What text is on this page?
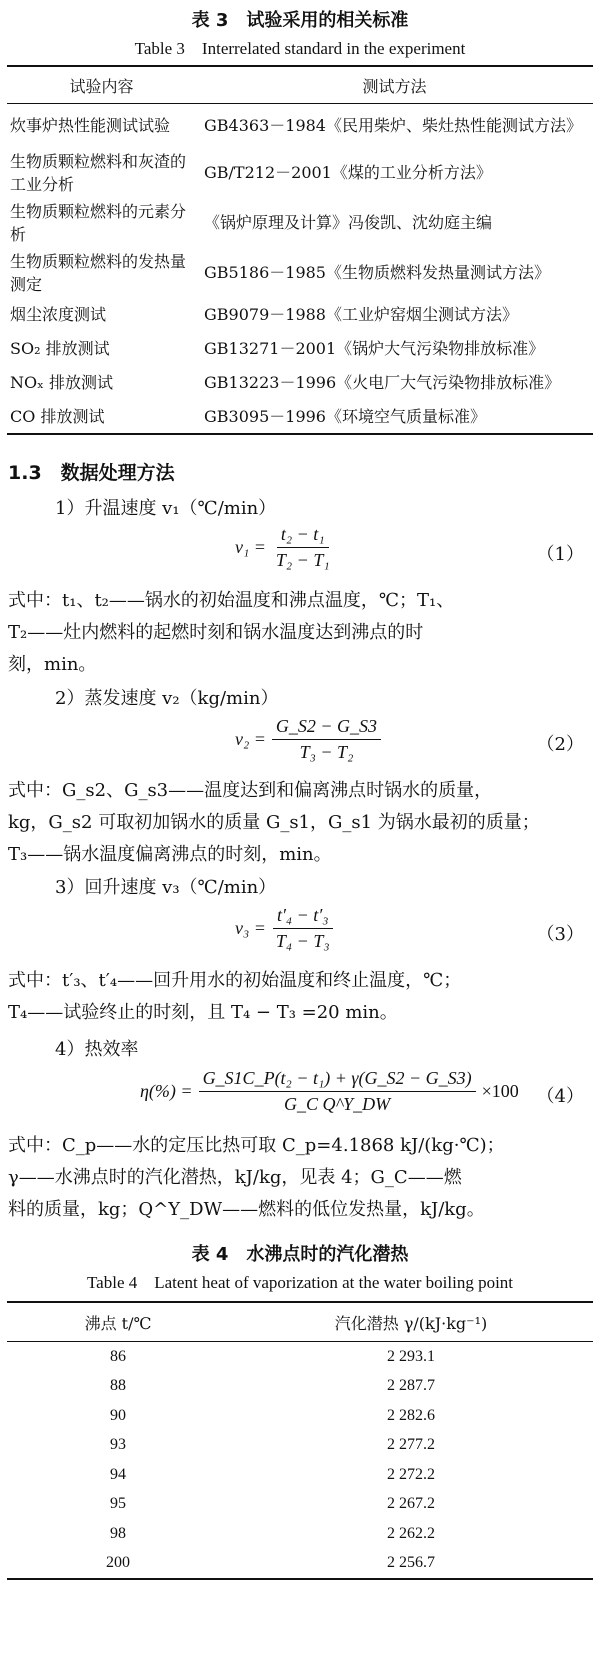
表 3　试验采用的相关标准
Table 3　Interrelated standard in the experiment
试验内容	测试方法
炊事炉热性能测试试验	GB4363－1984《民用柴炉、柴灶热性能测试方法》
生物质颗粒燃料和灰渣的工业分析	GB/T212－2001《煤的工业分析方法》
生物质颗粒燃料的元素分析	《锅炉原理及计算》冯俊凯、沈幼庭主编
生物质颗粒燃料的发热量测定	GB5186－1985《生物质燃料发热量测试方法》
烟尘浓度测试	GB9079－1988《工业炉窑烟尘测试方法》
SO₂ 排放测试	GB13271－2001《锅炉大气污染物排放标准》
NOₓ 排放测试	GB13223－1996《火电厂大气污染物排放标准》
CO 排放测试	GB3095－1996《环境空气质量标准》
1.3　数据处理方法
1）升温速度 v₁（℃/min）
$v_1 = \frac{\text{t₂ − t₁}}{\text{T₂ − T₁}}$	（1）
式中：t₁、t₂——锅水的初始温度和沸点温度，℃；T₁、
T₂——灶内燃料的起燃时刻和锅水温度达到沸点的时
刻，min。
2）蒸发速度 v₂（kg/min）
$v_2 = \frac{G\_S2 - G\_S3}{\text{T₃ − T₂}}$	（2）
式中：G_s2、G_s3——温度达到和偏离沸点时锅水的质量，
kg，G_s2 可取初加锅水的质量 G_s1，G_s1 为锅水最初的质量；
T₃——锅水温度偏离沸点的时刻，min。
3）回升速度 v₃（℃/min）
$v_3 = \frac{\text{t′₄ − t′₃}}{\text{T₄ − T₃}}$	（3）
式中：t′₃、t′₄——回升用水的初始温度和终止温度，℃；
T₄——试验终止的时刻，且 T₄ − T₃ =20 min。
4）热效率
$\eta(\%) = \frac{\text{G\_S1C\_P(t₂ − t₁) + γ(G\_S2 − G\_S3)}}{\text{G\_C Q\textasciicircum{}Y\_DW}} \times 100$ （4）
式中：C_p——水的定压比热可取 C_p=4.1868 kJ/(kg·℃)；
γ——水沸点时的汽化潜热，kJ/kg，见表 4；G_C——燃
料的质量，kg；Q^Y_DW——燃料的低位发热量，kJ/kg。
表 4　水沸点时的汽化潜热
Table 4　Latent heat of vaporization at the water boiling point
沸点 t/℃	汽化潜热 γ/(kJ·kg⁻¹)
86	2 293.1
88	2 287.7
90	2 282.6
93	2 277.2
94	2 272.2
95	2 267.2
98	2 262.2
200	2 256.7
